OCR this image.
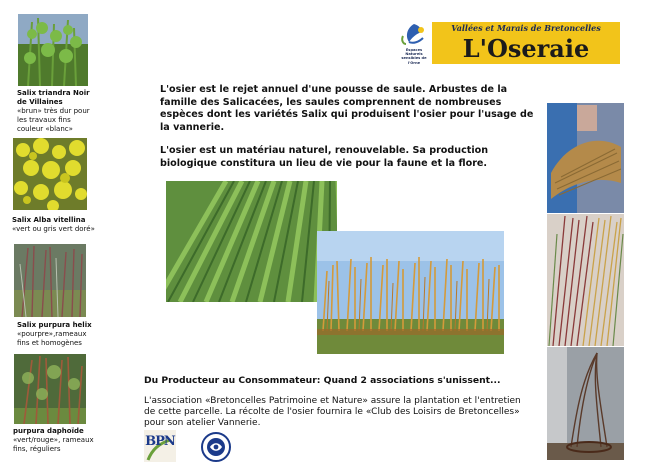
Salix triandra Noir de Villaines
«brun» très dur pour les travaux fins couleur «blanc»
Salix Alba vitellina
«vert ou gris vert doré»
Salix purpura helix
«pourpre»,rameaux fins et homogènes
purpura daphoïde
«vert/rouge», rameaux fins, réguliers
Espaces Naturels sensibles de l'Orne
Vallées et Marais de Bretoncelles
L'Oseraie

L'osier est le rejet annuel d'une pousse de saule. Arbustes de la famille des Salicacées, les saules comprennent de nombreuses espèces dont les variétés Salix qui produisent l'osier pour l'usage de la vannerie.

L'osier est un matériau naturel, renouvelable. Sa production biologique constitura un lieu de vie pour la faune et la flore.

Du Producteur au Consommateur: Quand 2 associations s'unissent...
L'association «Bretoncelles Patrimoine et Nature» assure la plantation et l'entretien de cette parcelle. La récolte de l'osier fournira le «Club des Loisirs de Bretoncelles» pour son atelier Vannerie.
BPN
